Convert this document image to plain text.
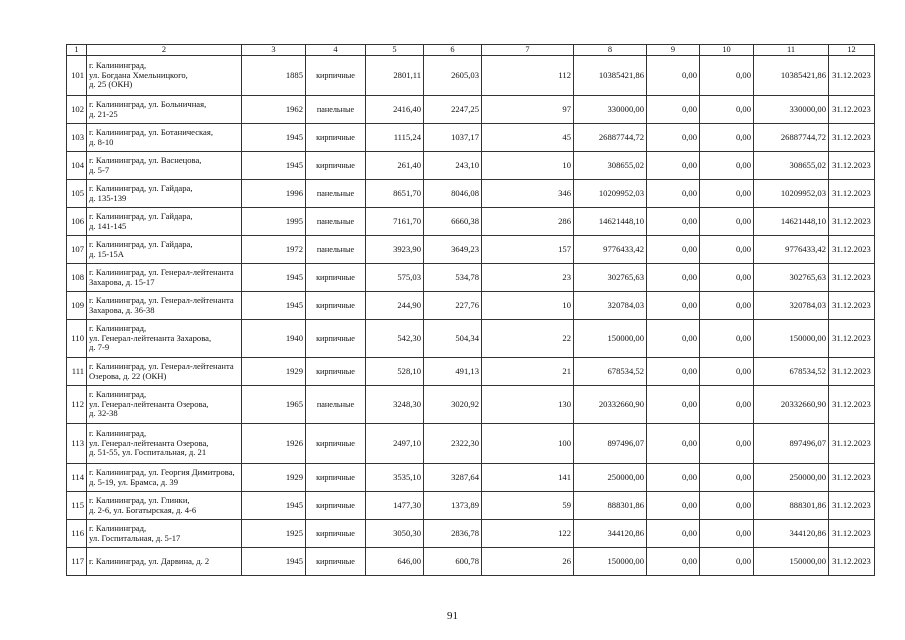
1	2	3	4	5	6	7	8	9	10	11	12
101	г. Калининград,
ул. Богдана Хмельницкого,
д. 25 (ОКН)	1885	кирпичные	2801,11	2605,03	112	10385421,86	0,00	0,00	10385421,86	31.12.2023
102	г. Калининград, ул. Больничная,
д. 21-25	1962	панельные	2416,40	2247,25	97	330000,00	0,00	0,00	330000,00	31.12.2023
103	г. Калининград, ул. Ботаническая,
д. 8-10	1945	кирпичные	1115,24	1037,17	45	26887744,72	0,00	0,00	26887744,72	31.12.2023
104	г. Калининград, ул. Васнецова,
д. 5-7	1945	кирпичные	261,40	243,10	10	308655,02	0,00	0,00	308655,02	31.12.2023
105	г. Калининград, ул. Гайдара,
д. 135-139	1996	панельные	8651,70	8046,08	346	10209952,03	0,00	0,00	10209952,03	31.12.2023
106	г. Калининград, ул. Гайдара,
д. 141-145	1995	панельные	7161,70	6660,38	286	14621448,10	0,00	0,00	14621448,10	31.12.2023
107	г. Калининград, ул. Гайдара,
д. 15-15А	1972	панельные	3923,90	3649,23	157	9776433,42	0,00	0,00	9776433,42	31.12.2023
108	г. Калининград, ул. Генерал-лейтенанта
Захарова, д. 15-17	1945	кирпичные	575,03	534,78	23	302765,63	0,00	0,00	302765,63	31.12.2023
109	г. Калининград, ул. Генерал-лейтенанта
Захарова, д. 36-38	1945	кирпичные	244,90	227,76	10	320784,03	0,00	0,00	320784,03	31.12.2023
110	г. Калининград,
ул. Генерал-лейтенанта Захарова,
д. 7-9	1940	кирпичные	542,30	504,34	22	150000,00	0,00	0,00	150000,00	31.12.2023
111	г. Калининград, ул. Генерал-лейтенанта
Озерова, д. 22 (ОКН)	1929	кирпичные	528,10	491,13	21	678534,52	0,00	0,00	678534,52	31.12.2023
112	г. Калининград,
ул. Генерал-лейтенанта Озерова,
д. 32-38	1965	панельные	3248,30	3020,92	130	20332660,90	0,00	0,00	20332660,90	31.12.2023
113	г. Калининград,
ул. Генерал-лейтенанта Озерова,
д. 51-55, ул. Госпитальная, д. 21	1926	кирпичные	2497,10	2322,30	100	897496,07	0,00	0,00	897496,07	31.12.2023
114	г. Калининград, ул. Георгия Димитрова,
д. 5-19, ул. Брамса, д. 39	1929	кирпичные	3535,10	3287,64	141	250000,00	0,00	0,00	250000,00	31.12.2023
115	г. Калининград, ул. Глинки,
д. 2-6, ул. Богатырская, д. 4-6	1945	кирпичные	1477,30	1373,89	59	888301,86	0,00	0,00	888301,86	31.12.2023
116	г. Калининград,
ул. Госпитальная, д. 5-17	1925	кирпичные	3050,30	2836,78	122	344120,86	0,00	0,00	344120,86	31.12.2023
117	г. Калининград, ул. Дарвина, д. 2	1945	кирпичные	646,00	600,78	26	150000,00	0,00	0,00	150000,00	31.12.2023
91
